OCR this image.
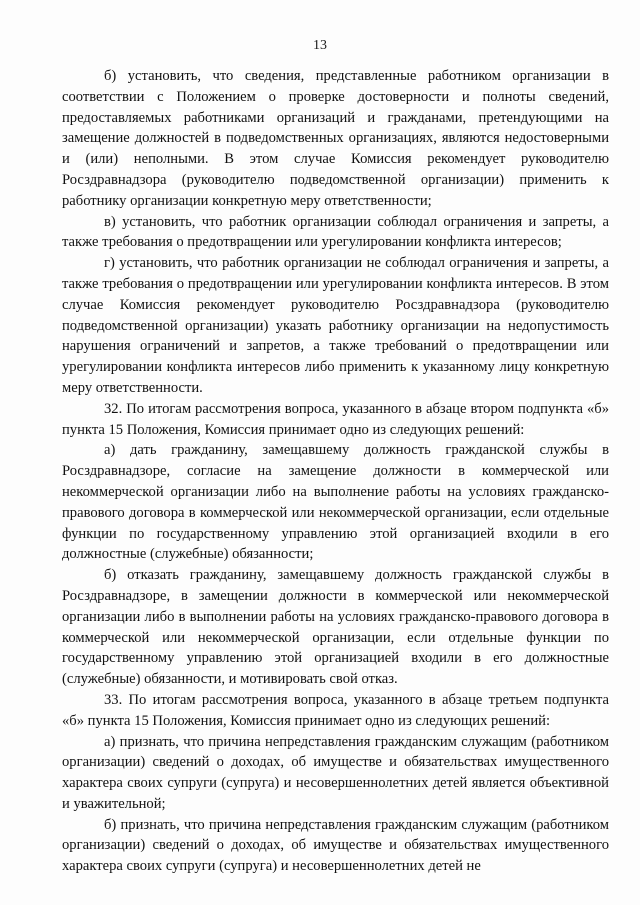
13

б) установить, что сведения, представленные работником организации в соответствии с Положением о проверке достоверности и полноты сведений, предоставляемых работниками организаций и гражданами, претендующими на замещение должностей в подведомственных организациях, являются недостоверными и (или) неполными. В этом случае Комиссия рекомендует руководителю Росздравнадзора (руководителю подведомственной организации) применить к работнику организации конкретную меру ответственности;

в) установить, что работник организации соблюдал ограничения и запреты, а также требования о предотвращении или урегулировании конфликта интересов;

г) установить, что работник организации не соблюдал ограничения и запреты, а также требования о предотвращении или урегулировании конфликта интересов. В этом случае Комиссия рекомендует руководителю Росздравнадзора (руководителю подведомственной организации) указать работнику организации на недопустимость нарушения ограничений и запретов, а также требований о предотвращении или урегулировании конфликта интересов либо применить к указанному лицу конкретную меру ответственности.

32. По итогам рассмотрения вопроса, указанного в абзаце втором подпункта «б» пункта 15 Положения, Комиссия принимает одно из следующих решений:

а) дать гражданину, замещавшему должность гражданской службы в Росздравнадзоре, согласие на замещение должности в коммерческой или некоммерческой организации либо на выполнение работы на условиях гражданско-правового договора в коммерческой или некоммерческой организации, если отдельные функции по государственному управлению этой организацией входили в его должностные (служебные) обязанности;

б) отказать гражданину, замещавшему должность гражданской службы в Росздравнадзоре, в замещении должности в коммерческой или некоммерческой организации либо в выполнении работы на условиях гражданско-правового договора в коммерческой или некоммерческой организации, если отдельные функции по государственному управлению этой организацией входили в его должностные (служебные) обязанности, и мотивировать свой отказ.

33. По итогам рассмотрения вопроса, указанного в абзаце третьем подпункта «б» пункта 15 Положения, Комиссия принимает одно из следующих решений:

а) признать, что причина непредставления гражданским служащим (работником организации) сведений о доходах, об имуществе и обязательствах имущественного характера своих супруги (супруга) и несовершеннолетних детей является объективной и уважительной;

б) признать, что причина непредставления гражданским служащим (работником организации) сведений о доходах, об имуществе и обязательствах имущественного характера своих супруги (супруга) и несовершеннолетних детей не
